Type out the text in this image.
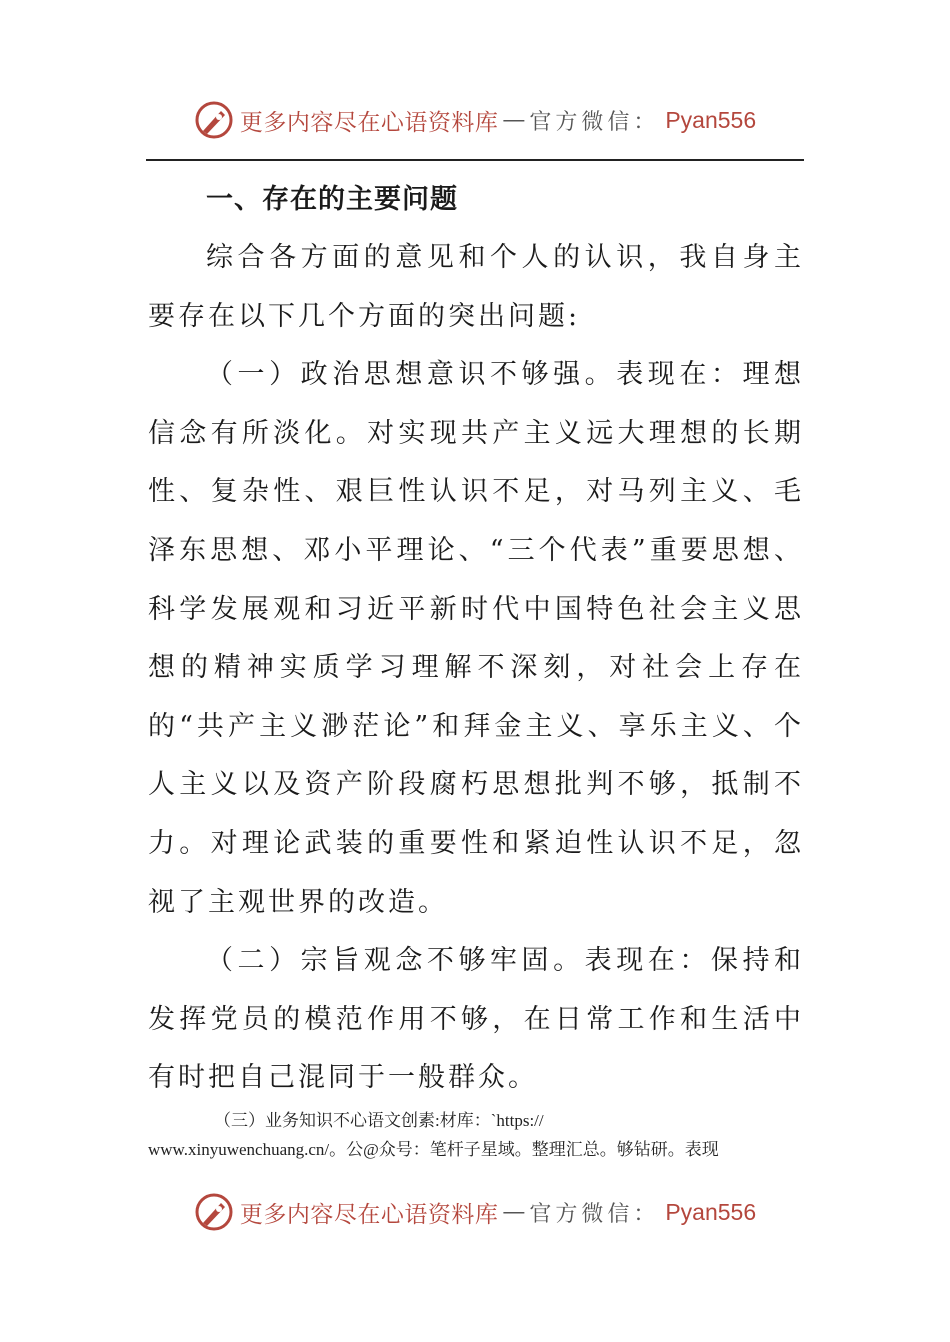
更多内容尽在心语资料库 — 官方微信： Pyan556
一、存在的主要问题

综合各方面的意见和个人的认识，我自身主要存在以下几个方面的突出问题:

（一）政治思想意识不够强。表现在：理想信念有所淡化。对实现共产主义远大理想的长期性、复杂性、艰巨性认识不足，对马列主义、毛泽东思想、邓小平理论、“三个代表”重要思想、科学发展观和习近平新时代中国特色社会主义思想的精神实质学习理解不深刻，对社会上存在的“共产主义渺茫论”和拜金主义、享乐主义、个人主义以及资产阶段腐朽思想批判不够，抵制不力。对理论武装的重要性和紧迫性认识不足，忽视了主观世界的改造。

（二）宗旨观念不够牢固。表现在：保持和发挥党员的模范作用不够，在日常工作和生活中有时把自己混同于一般群众。

（三）业务知识不心语文创素:材库：`https://
www.xinyuwenchuang.cn/。公@众号：笔杆子星域。整理汇总。够钻研。表现
更多内容尽在心语资料库 — 官方微信： Pyan556
